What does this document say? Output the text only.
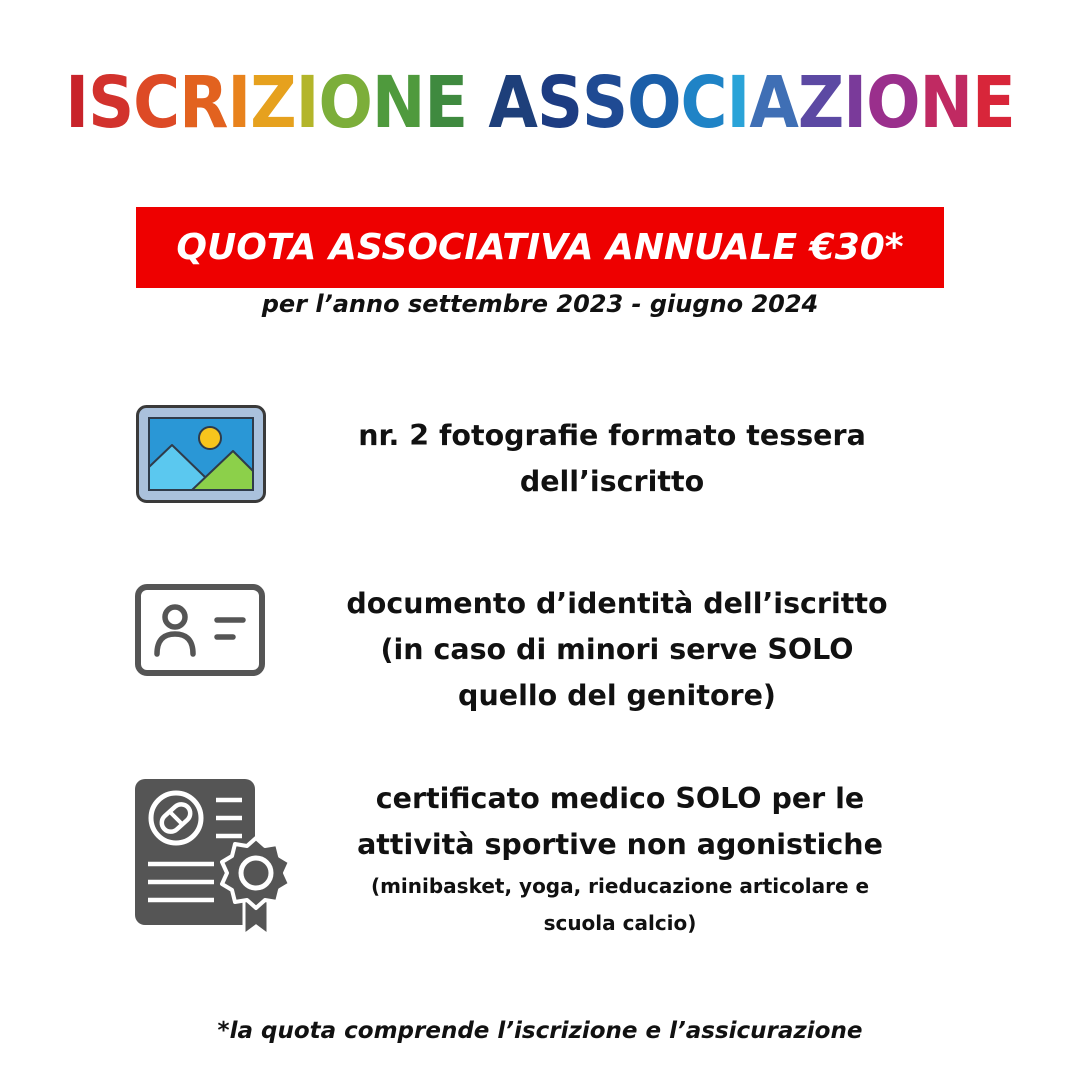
ISCRIZIONE ASSOCIAZIONE
QUOTA ASSOCIATIVA ANNUALE €30*
per l’anno settembre 2023 - giugno 2024
nr. 2 fotografie formato tessera
dell’iscritto
documento d’identità dell’iscritto
(in caso di minori serve SOLO
quello del genitore)
certificato medico SOLO per le
attività sportive non agonistiche
(minibasket, yoga, rieducazione articolare e
scuola calcio)
*la quota comprende l’iscrizione e l’assicurazione
